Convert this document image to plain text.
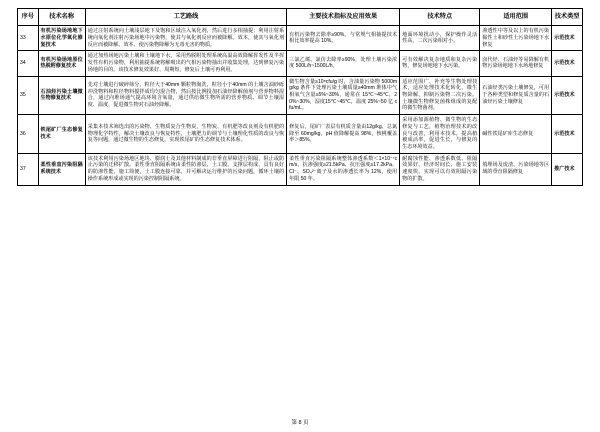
序号	技术名称	工艺路线	主要技术指标及应用效果	技术特点	适用范围	技术类型
33	有机污染场地地下水原位化学氧化修复技术	通过注射系统向土壤浅层地下及饱和区域注入氧化剂，然后进行多相抽提；利用注射系统向氧化剂注射污染场地中污染物，使其与氧化剂反应而被降解。效本，使其与氧化剂反应而被降解。效本、使污染物降解为无毒无害的物质。	有机污染物去除率≥90%。与常规气相抽提技术相比效率提高 10%。	地面环境扰动小，保护操作灵活性高，二次污染相对小。	渗透性中等及以上的有机污染黏性土和砂性土污染场地下水修复	示范技术
34	有机污染场地原位热脱附修复技术	通过加热场地污染土壤和土壤地下水，采用热脱附处理系统高温高效降解挥发性及半挥发性有机污染物，利用抽提系统将解吸出的气相污染物抽出并收集处理，达到修复污染场地的目的。该技术修复效果好、周期短，修复后土壤可再利用。	三氯乙烯、氯仿去除率≥90%，处理土壤污染浓度 500L/h~1500L/h。	可有效解决复杂地质和复杂污染物，修复场地地下水污染。	卤代烃、石油烃等易降解有机物污染场地地下水场地修复	示范技术
35	石油烃污染土壤微生物修复技术	先对土壤进行破碎筛分，粒径大于40mm 颗粒物淘洗，粒径小于40mm 的土壤含油砂砾冲洗物料和粒径物料搅拌成均匀混合物，然后按比例投加石油烃降解菌剂与营养物料混合，通过向堆场通气提高环境含氧量，通过供给微生物所需的营养物质、调节土壤湿度、温度，促进微生物对石油烃降解。	微生物含量≥10⁸cfu/g 时，含油量污染物 5000mg/kg 条件下处理污染土壤质量≥40mm 堆体中气相氧气含量≥5%~30%，通常在 15℃~45℃，20%~30%，湿度15℃~45℃，温度 25%~50 亿 cfu/mL。	适应范围广、补充等生物处理技术，适应处理技术化转化，微生物降解，抑制污染物二次污染。土壤微生物修复菌株组成的复配的微生物菌剂。	石油烃类污染土壤修复，可用于各种类型和修复质含量的石油烃污染土壤修复	示范技术
36	铁尾矿厂生态修复技术	采集本技术筛选出的污染物、生物质复合生物炭，生物炭、有机肥等改良剂及有机肥的物理化学特性，解决土壤改良与恢复特性，土壤肥力的调节与土壤理化性质的改良与恢复等问题，通过微生物的生态修复，实现铁尾矿的生态修复技术体系。	修复后，尾矿厂表层有机质含量由12g/kg、总氮降至 60mg/kg，pH 值降解提高 98%，核桃覆盖率＞85%。	采用添加源植物、微生物的生态修复与工艺，植物治理技术的改良与改善，利用本技术，提高植被成活率，促进生长，与修复的生态环境效益。	碱性铁尾矿库生态修复	示范技术
37	柔性垂直污染阻隔系统技术	该技术利用污染场地区地块、膨润土及其他材料制成的非垂直屏障进行阻隔，阻止或防止污染的迁移扩散。柔性垂直阻隔系统由柔性防渗层、土工膜、支撑层构成，具有良好的防渗性能，施工简便，土工膜连接可靠，并可解决运行维护的污染问题，循环土壤的操作系统形成或实现的污染控制阻隔系统。	柔性垂直污染阻隔系统整体渗透系数＜1×10⁻⁷cm/s，抗渗强度≥21.5kPa、抗压强度≥17.2kPa、CI⁻、SO₄²⁻离子及水的渗透长率为 12%，使用年限 50 年。	耐腐蚀性能、渗透系数低、阻隔效果好、经济时间长、施工安装速度快、实现可以有效阻隔污染物的扩散。	填埋场及废渣、污染场地等区域的垂直阻隔修复	推广技术
第 8 页
